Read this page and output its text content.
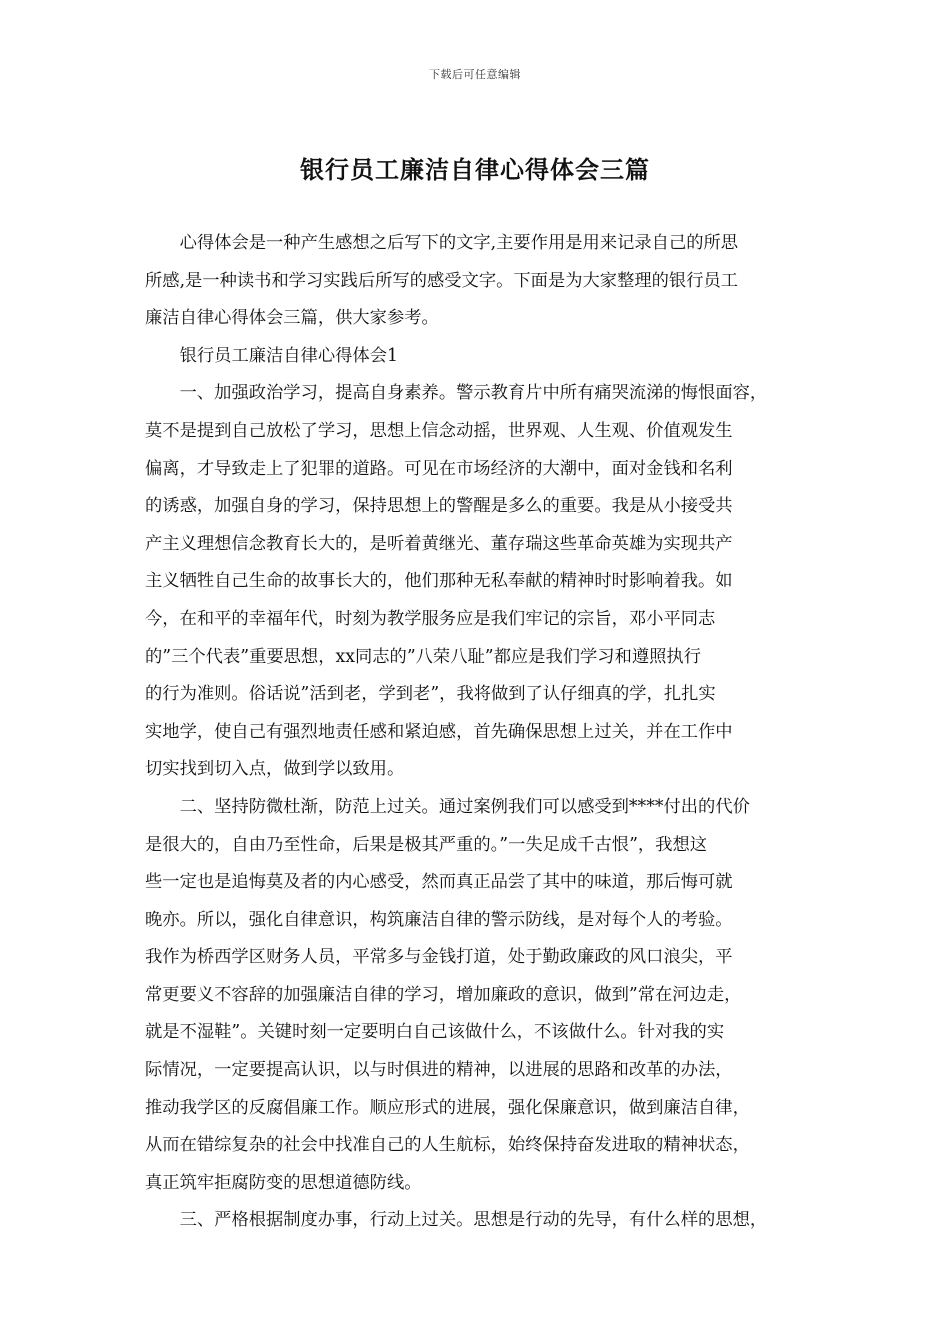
下载后可任意编辑
银行员工廉洁自律心得体会三篇

心得体会是一种产生感想之后写下的文字,主要作用是用来记录自己的所思
所感,是一种读书和学习实践后所写的感受文字。下面是为大家整理的银行员工
廉洁自律心得体会三篇，供大家参考。

银行员工廉洁自律心得体会1

一、加强政治学习，提高自身素养。警示教育片中所有痛哭流涕的悔恨面容，
莫不是提到自己放松了学习，思想上信念动摇，世界观、人生观、价值观发生
偏离，才导致走上了犯罪的道路。可见在市场经济的大潮中，面对金钱和名利
的诱惑，加强自身的学习，保持思想上的警醒是多么的重要。我是从小接受共
产主义理想信念教育长大的，是听着黄继光、董存瑞这些革命英雄为实现共产
主义牺牲自己生命的故事长大的，他们那种无私奉献的精神时时影响着我。如
今，在和平的幸福年代，时刻为教学服务应是我们牢记的宗旨，邓小平同志
的”三个代表”重要思想，xx同志的”八荣八耻”都应是我们学习和遵照执行
的行为准则。俗话说”活到老，学到老”，我将做到了认仔细真的学，扎扎实
实地学，使自己有强烈地责任感和紧迫感，首先确保思想上过关，并在工作中
切实找到切入点，做到学以致用。

二、坚持防微杜渐，防范上过关。通过案例我们可以感受到****付出的代价
是很大的，自由乃至性命，后果是极其严重的。”一失足成千古恨”，我想这
些一定也是追悔莫及者的内心感受，然而真正品尝了其中的味道，那后悔可就
晚亦。所以，强化自律意识，构筑廉洁自律的警示防线，是对每个人的考验。
我作为桥西学区财务人员，平常多与金钱打道，处于勤政廉政的风口浪尖，平
常更要义不容辞的加强廉洁自律的学习，增加廉政的意识，做到”常在河边走，
就是不湿鞋”。关键时刻一定要明白自己该做什么，不该做什么。针对我的实
际情况，一定要提高认识，以与时俱进的精神，以进展的思路和改革的办法，
推动我学区的反腐倡廉工作。顺应形式的进展，强化保廉意识，做到廉洁自律，
从而在错综复杂的社会中找准自己的人生航标，始终保持奋发进取的精神状态，
真正筑牢拒腐防变的思想道德防线。

三、严格根据制度办事，行动上过关。思想是行动的先导，有什么样的思想，
